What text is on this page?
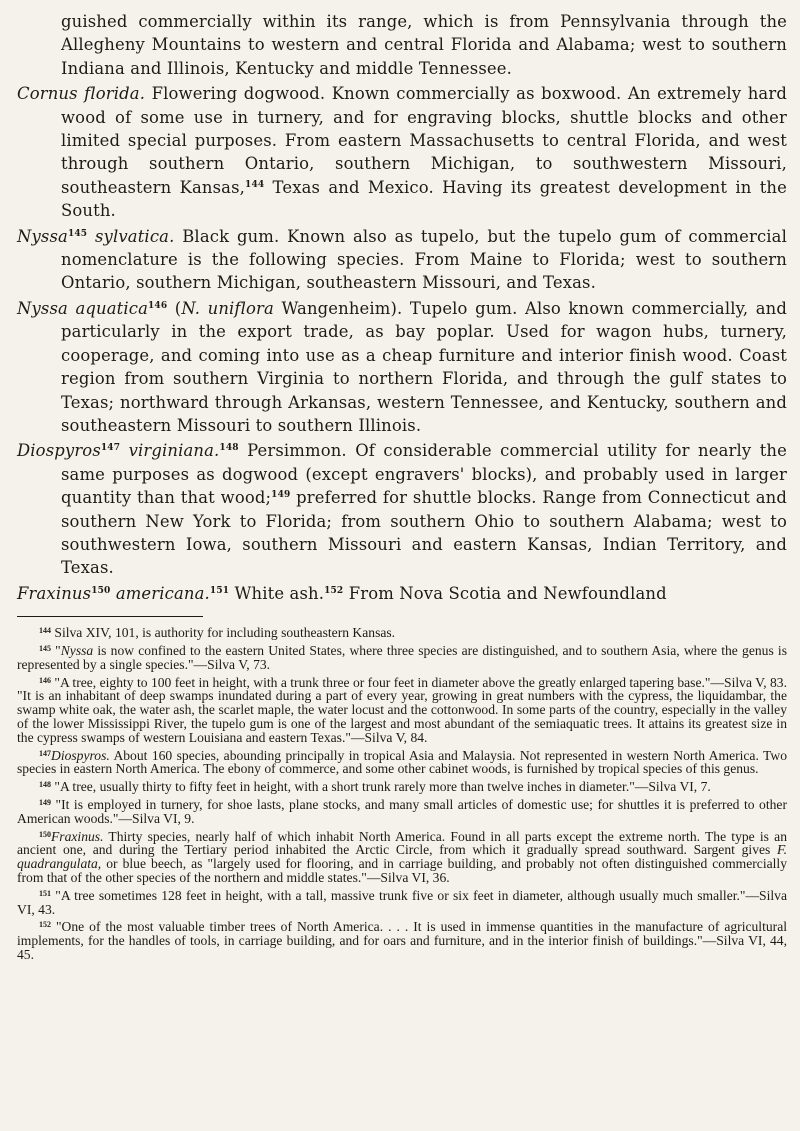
guished commercially within its range, which is from Pennsylvania through the Allegheny Mountains to western and central Florida and Alabama; west to southern Indiana and Illinois, Kentucky and middle Tennessee.

Cornus florida. Flowering dogwood. Known commercially as boxwood. An extremely hard wood of some use in turnery, and for engraving blocks, shuttle blocks and other limited special purposes. From eastern Massachusetts to central Florida, and west through southern Ontario, southern Michigan, to southwestern Missouri, southeastern Kansas,$^{144}$ Texas and Mexico. Having its greatest development in the South.

Nyssa$^{145}$ sylvatica. Black gum. Known also as tupelo, but the tupelo gum of commercial nomenclature is the following species. From Maine to Florida; west to southern Ontario, southern Michigan, southeastern Missouri, and Texas.

Nyssa aquatica$^{146}$ (N. uniflora Wangenheim). Tupelo gum. Also known commercially, and particularly in the export trade, as bay poplar. Used for wagon hubs, turnery, cooperage, and coming into use as a cheap furniture and interior finish wood. Coast region from southern Virginia to northern Florida, and through the gulf states to Texas; northward through Arkansas, western Tennessee, and Kentucky, southern and southeastern Missouri to southern Illinois.

Diospyros$^{147}$ virginiana.$^{148}$ Persimmon. Of considerable commercial utility for nearly the same purposes as dogwood (except engravers' blocks), and probably used in larger quantity than that wood;$^{149}$ preferred for shuttle blocks. Range from Connecticut and southern New York to Florida; from southern Ohio to southern Alabama; west to southwestern Iowa, southern Missouri and eastern Kansas, Indian Territory, and Texas.

Fraxinus$^{150}$ americana.$^{151}$ White ash.$^{152}$ From Nova Scotia and Newfoundland

$^{144}$ Silva XIV, 101, is authority for including southeastern Kansas.

$^{145}$ "Nyssa is now confined to the eastern United States, where three species are distinguished, and to southern Asia, where the genus is represented by a single species."—Silva V, 73.

$^{146}$ "A tree, eighty to 100 feet in height, with a trunk three or four feet in diameter above the greatly enlarged tapering base."—Silva V, 83. "It is an inhabitant of deep swamps inundated during a part of every year, growing in great numbers with the cypress, the liquidambar, the swamp white oak, the water ash, the scarlet maple, the water locust and the cottonwood. In some parts of the country, especially in the valley of the lower Mississippi River, the tupelo gum is one of the largest and most abundant of the semiaquatic trees. It attains its greatest size in the cypress swamps of western Louisiana and eastern Texas."—Silva V, 84.

$^{147}$Diospyros. About 160 species, abounding principally in tropical Asia and Malaysia. Not represented in western North America. Two species in eastern North America. The ebony of commerce, and some other cabinet woods, is furnished by tropical species of this genus.

$^{148}$ "A tree, usually thirty to fifty feet in height, with a short trunk rarely more than twelve inches in diameter."—Silva VI, 7.

$^{149}$ "It is employed in turnery, for shoe lasts, plane stocks, and many small articles of domestic use; for shuttles it is preferred to other American woods."—Silva VI, 9.

$^{150}$Fraxinus. Thirty species, nearly half of which inhabit North America. Found in all parts except the extreme north. The type is an ancient one, and during the Tertiary period inhabited the Arctic Circle, from which it gradually spread southward. Sargent gives F. quadrangulata, or blue beech, as "largely used for flooring, and in carriage building, and probably not often distinguished commercially from that of the other species of the northern and middle states."—Silva VI, 36.

$^{151}$ "A tree sometimes 128 feet in height, with a tall, massive trunk five or six feet in diameter, although usually much smaller."—Silva VI, 43.

$^{152}$ "One of the most valuable timber trees of North America. . . . It is used in immense quantities in the manufacture of agricultural implements, for the handles of tools, in carriage building, and for oars and furniture, and in the interior finish of buildings."—Silva VI, 44, 45.
